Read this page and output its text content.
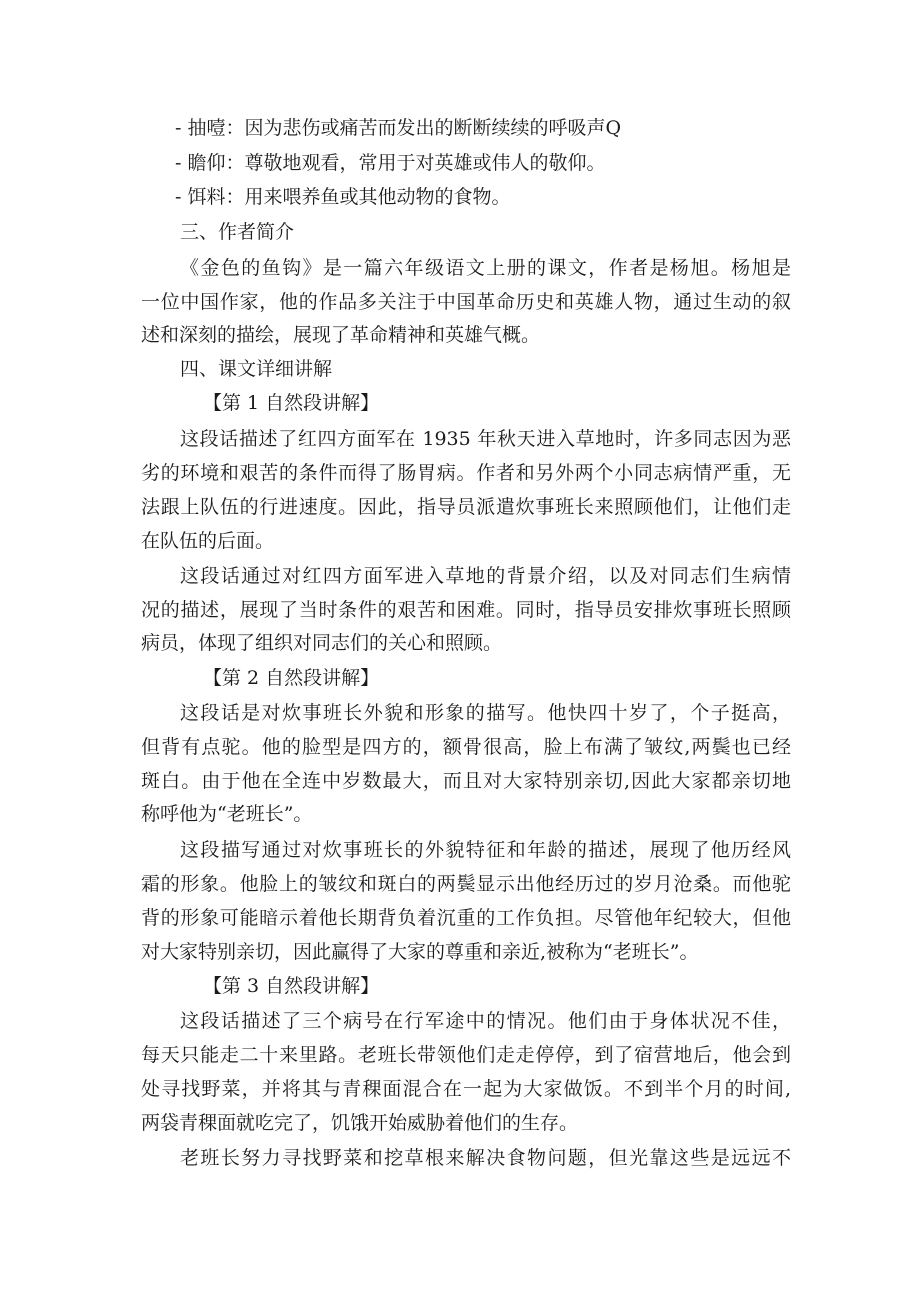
- 抽噎：因为悲伤或痛苦而发出的断断续续的呼吸声Q
- 瞻仰：尊敬地观看，常用于对英雄或伟人的敬仰。
- 饵料：用来喂养鱼或其他动物的食物。
三、作者简介
《金色的鱼钩》是一篇六年级语文上册的课文，作者是杨旭。杨旭是
一位中国作家，他的作品多关注于中国革命历史和英雄人物，通过生动的叙
述和深刻的描绘，展现了革命精神和英雄气概。
四、课文详细讲解
【第 1 自然段讲解】
这段话描述了红四方面军在 1935 年秋天进入草地时，许多同志因为恶
劣的环境和艰苦的条件而得了肠胃病。作者和另外两个小同志病情严重，无
法跟上队伍的行进速度。因此，指导员派遣炊事班长来照顾他们，让他们走
在队伍的后面。
这段话通过对红四方面军进入草地的背景介绍，以及对同志们生病情
况的描述，展现了当时条件的艰苦和困难。同时，指导员安排炊事班长照顾
病员，体现了组织对同志们的关心和照顾。
【第 2 自然段讲解】
这段话是对炊事班长外貌和形象的描写。他快四十岁了，个子挺高，
但背有点驼。他的脸型是四方的，额骨很高，脸上布满了皱纹,两鬓也已经
斑白。由于他在全连中岁数最大，而且对大家特别亲切,因此大家都亲切地
称呼他为“老班长”。
这段描写通过对炊事班长的外貌特征和年龄的描述，展现了他历经风
霜的形象。他脸上的皱纹和斑白的两鬓显示出他经历过的岁月沧桑。而他驼
背的形象可能暗示着他长期背负着沉重的工作负担。尽管他年纪较大，但他
对大家特别亲切，因此赢得了大家的尊重和亲近,被称为“老班长”。
【第 3 自然段讲解】
这段话描述了三个病号在行军途中的情况。他们由于身体状况不佳，
每天只能走二十来里路。老班长带领他们走走停停，到了宿营地后，他会到
处寻找野菜，并将其与青稞面混合在一起为大家做饭。不到半个月的时间,
两袋青稞面就吃完了，饥饿开始威胁着他们的生存。
老班长努力寻找野菜和挖草根来解决食物问题，但光靠这些是远远不
